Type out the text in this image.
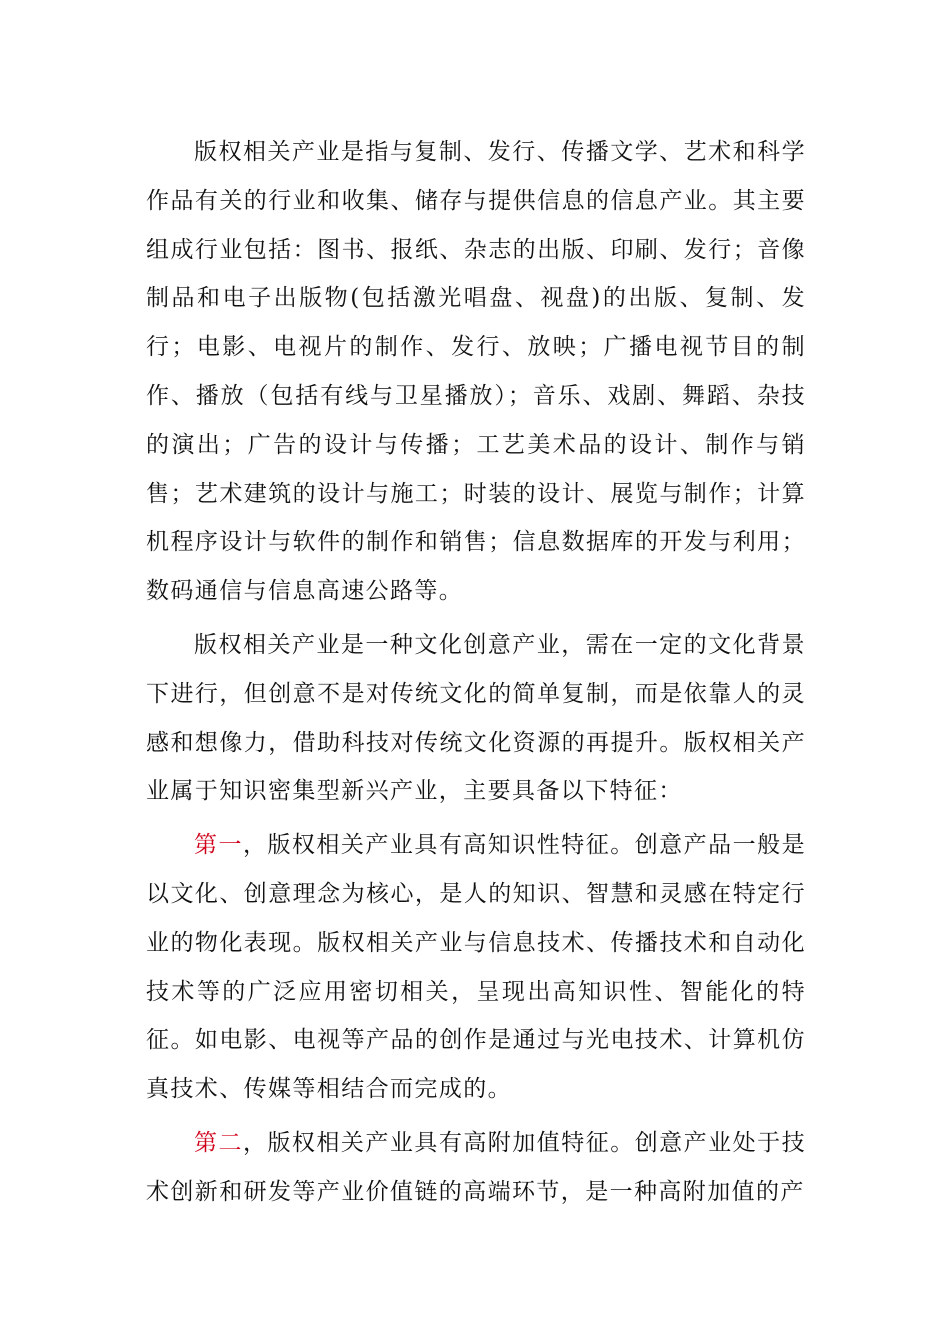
版权相关产业是指与复制、发行、传播文学、艺术和科学作品有关的行业和收集、储存与提供信息的信息产业。其主要组成行业包括：图书、报纸、杂志的出版、印刷、发行；音像制品和电子出版物(包括激光唱盘、视盘)的出版、复制、发行；电影、电视片的制作、发行、放映；广播电视节目的制作、播放（包括有线与卫星播放）；音乐、戏剧、舞蹈、杂技的演出；广告的设计与传播；工艺美术品的设计、制作与销售；艺术建筑的设计与施工；时装的设计、展览与制作；计算机程序设计与软件的制作和销售；信息数据库的开发与利用；数码通信与信息高速公路等。

版权相关产业是一种文化创意产业，需在一定的文化背景下进行，但创意不是对传统文化的简单复制，而是依靠人的灵感和想像力，借助科技对传统文化资源的再提升。版权相关产业属于知识密集型新兴产业，主要具备以下特征：

第一，版权相关产业具有高知识性特征。创意产品一般是以文化、创意理念为核心，是人的知识、智慧和灵感在特定行业的物化表现。版权相关产业与信息技术、传播技术和自动化技术等的广泛应用密切相关，呈现出高知识性、智能化的特征。如电影、电视等产品的创作是通过与光电技术、计算机仿真技术、传媒等相结合而完成的。

第二，版权相关产业具有高附加值特征。创意产业处于技术创新和研发等产业价值链的高端环节，是一种高附加值的产
